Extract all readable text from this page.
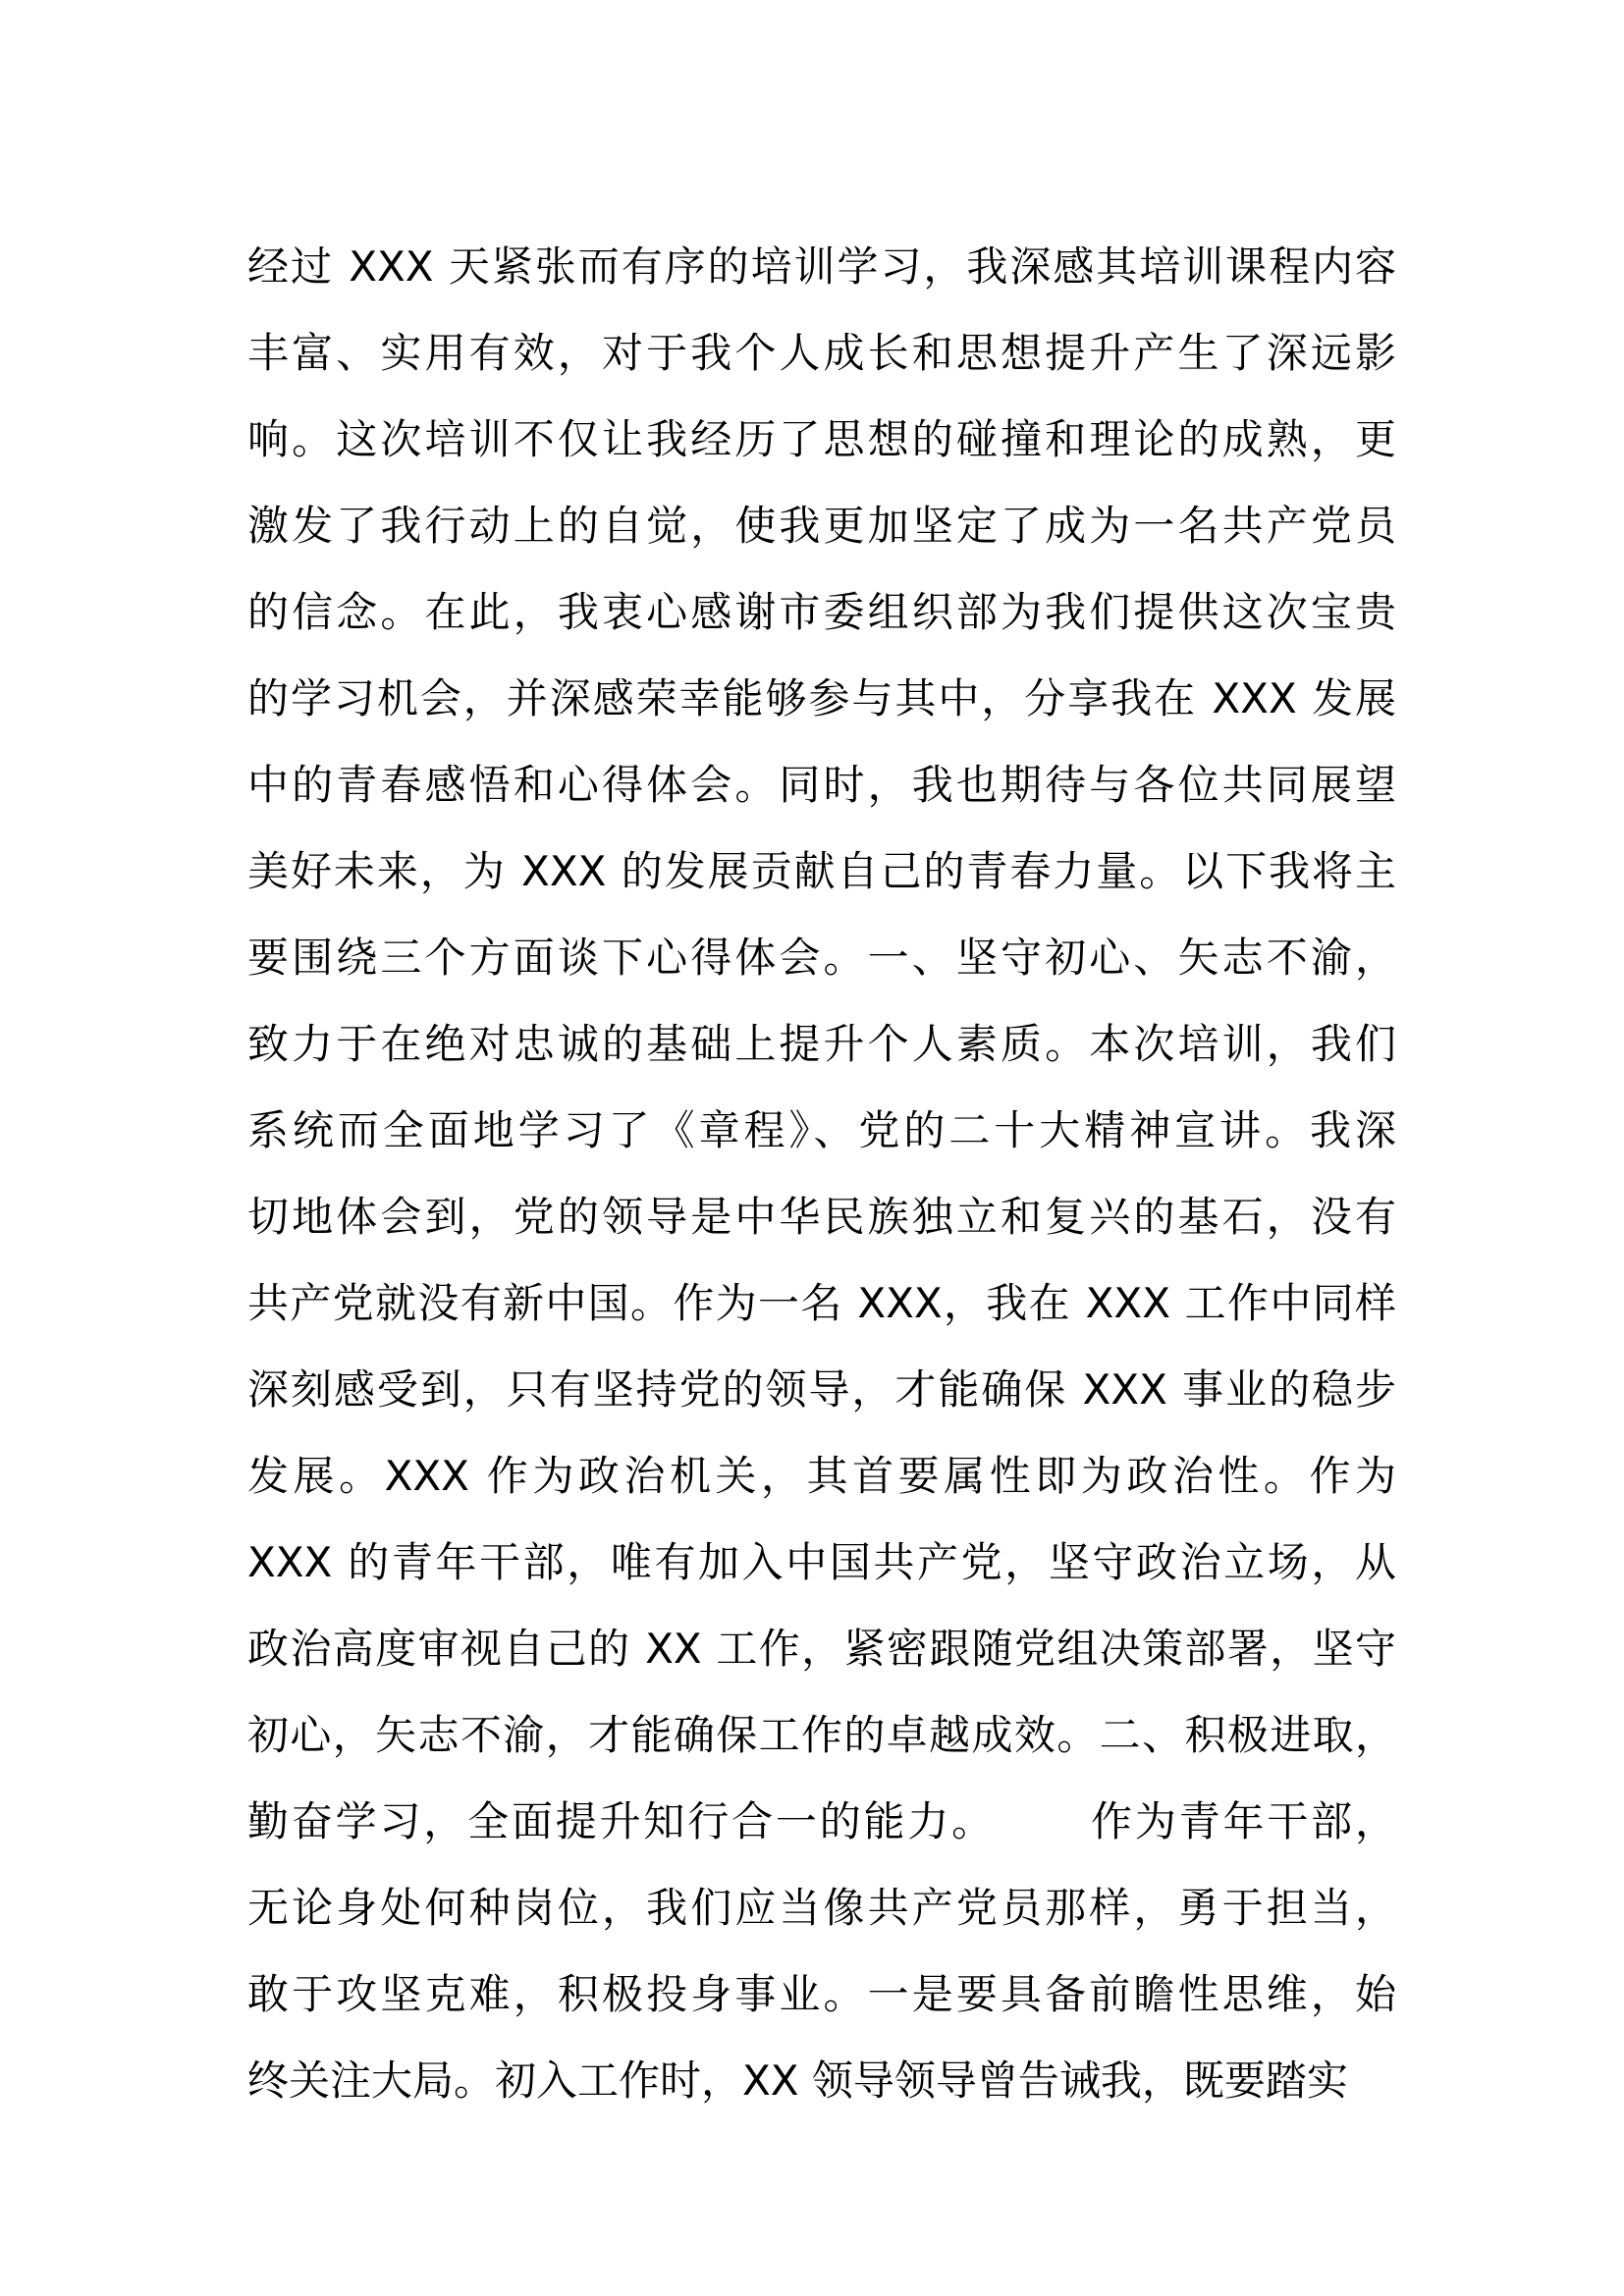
经过 XXX 天紧张而有序的培训学习，我深感其培训课程内容
丰富、实用有效，对于我个人成长和思想提升产生了深远影
响。这次培训不仅让我经历了思想的碰撞和理论的成熟，更
激发了我行动上的自觉，使我更加坚定了成为一名共产党员
的信念。在此，我衷心感谢市委组织部为我们提供这次宝贵
的学习机会，并深感荣幸能够参与其中，分享我在 XXX 发展
中的青春感悟和心得体会。同时，我也期待与各位共同展望
美好未来，为 XXX 的发展贡献自己的青春力量。以下我将主
要围绕三个方面谈下心得体会。一、坚守初心、矢志不渝，
致力于在绝对忠诚的基础上提升个人素质。本次培训，我们
系统而全面地学习了《章程》、党的二十大精神宣讲。我深
切地体会到，党的领导是中华民族独立和复兴的基石，没有
共产党就没有新中国。作为一名 XXX，我在 XXX 工作中同样
深刻感受到，只有坚持党的领导，才能确保 XXX 事业的稳步
发展。XXX 作为政治机关，其首要属性即为政治性。作为
XXX 的青年干部，唯有加入中国共产党，坚守政治立场，从
政治高度审视自己的 XX 工作，紧密跟随党组决策部署，坚守
初心，矢志不渝，才能确保工作的卓越成效。二、积极进取，
勤奋学习，全面提升知行合一的能力。      作为青年干部，
无论身处何种岗位，我们应当像共产党员那样，勇于担当，
敢于攻坚克难，积极投身事业。一是要具备前瞻性思维，始
终关注大局。初入工作时，XX 领导领导曾告诫我，既要踏实
